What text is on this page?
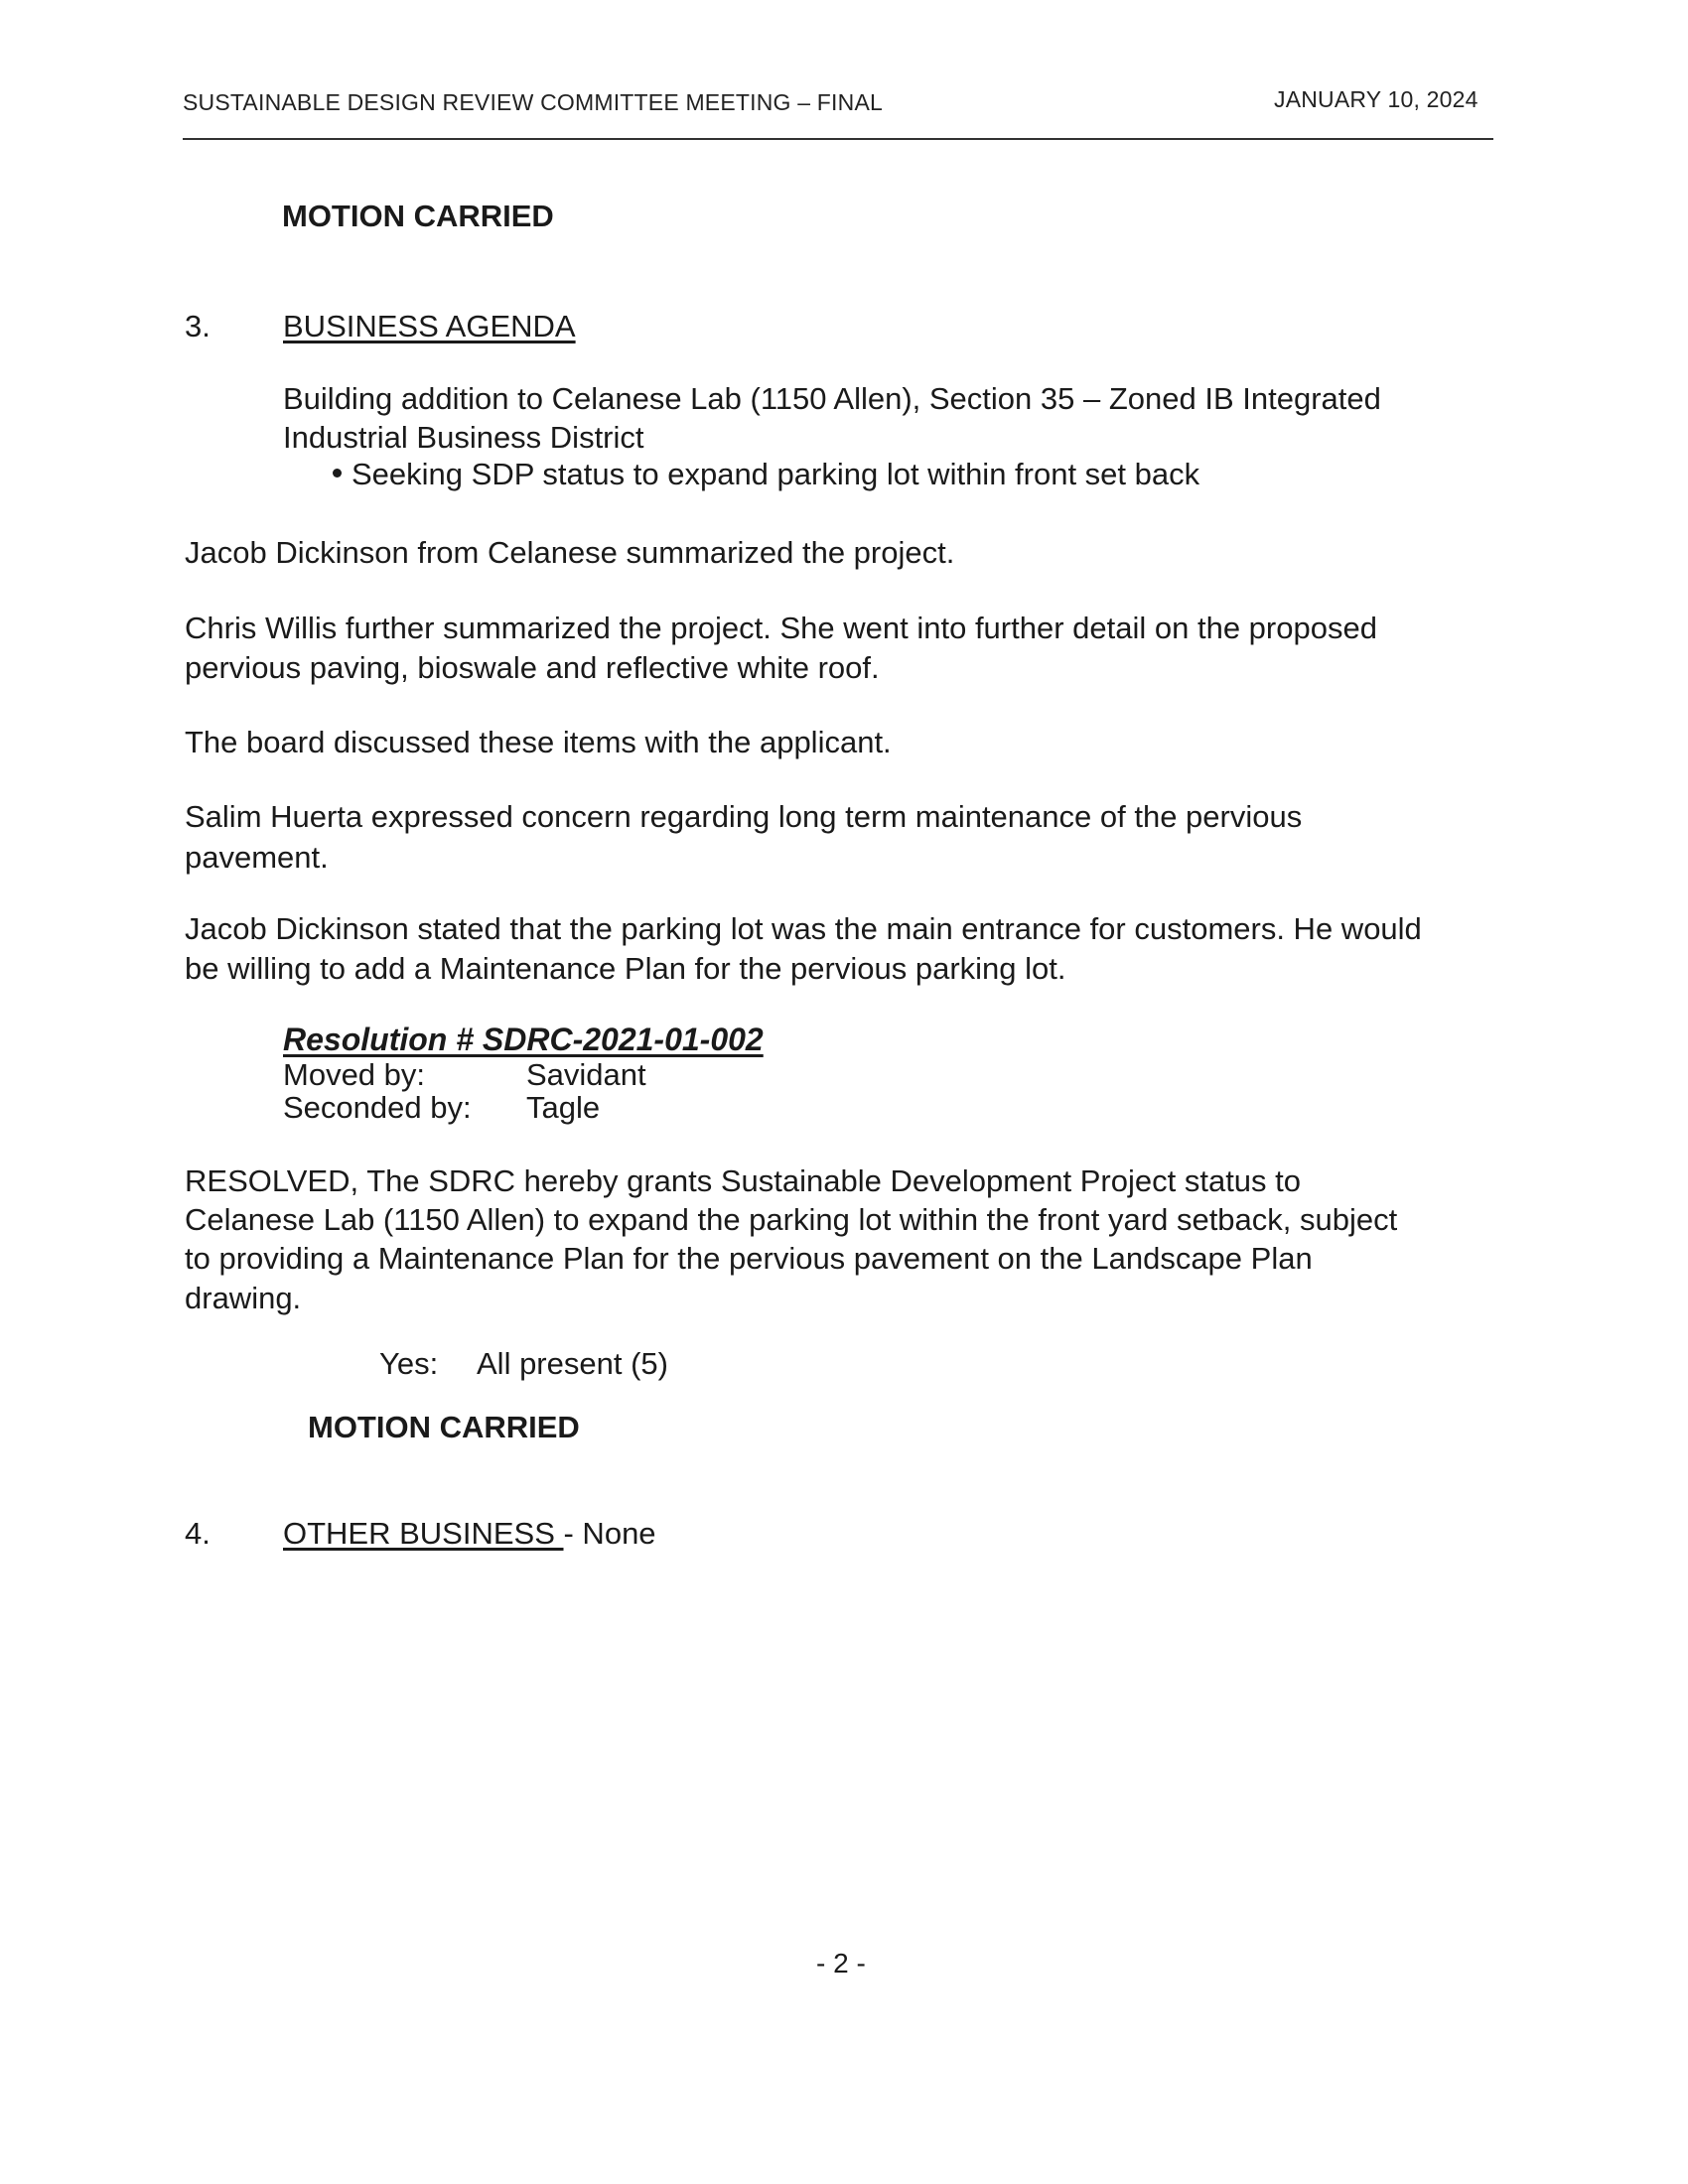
SUSTAINABLE DESIGN REVIEW COMMITTEE MEETING – FINAL	JANUARY 10, 2024
MOTION CARRIED
3. BUSINESS AGENDA
Building addition to Celanese Lab (1150 Allen), Section 35 – Zoned IB Integrated
Industrial Business District
Seeking SDP status to expand parking lot within front set back
Jacob Dickinson from Celanese summarized the project.
Chris Willis further summarized the project. She went into further detail on the proposed
pervious paving, bioswale and reflective white roof.
The board discussed these items with the applicant.
Salim Huerta expressed concern regarding long term maintenance of the pervious
pavement.
Jacob Dickinson stated that the parking lot was the main entrance for customers. He would
be willing to add a Maintenance Plan for the pervious parking lot.
Resolution # SDRC-2021-01-002
Moved by:	Savidant
Seconded by: Tagle
RESOLVED, The SDRC hereby grants Sustainable Development Project status to
Celanese Lab (1150 Allen) to expand the parking lot within the front yard setback, subject
to providing a Maintenance Plan for the pervious pavement on the Landscape Plan
drawing.
Yes: All present (5)
MOTION CARRIED
4. OTHER BUSINESS - None
- 2 -
